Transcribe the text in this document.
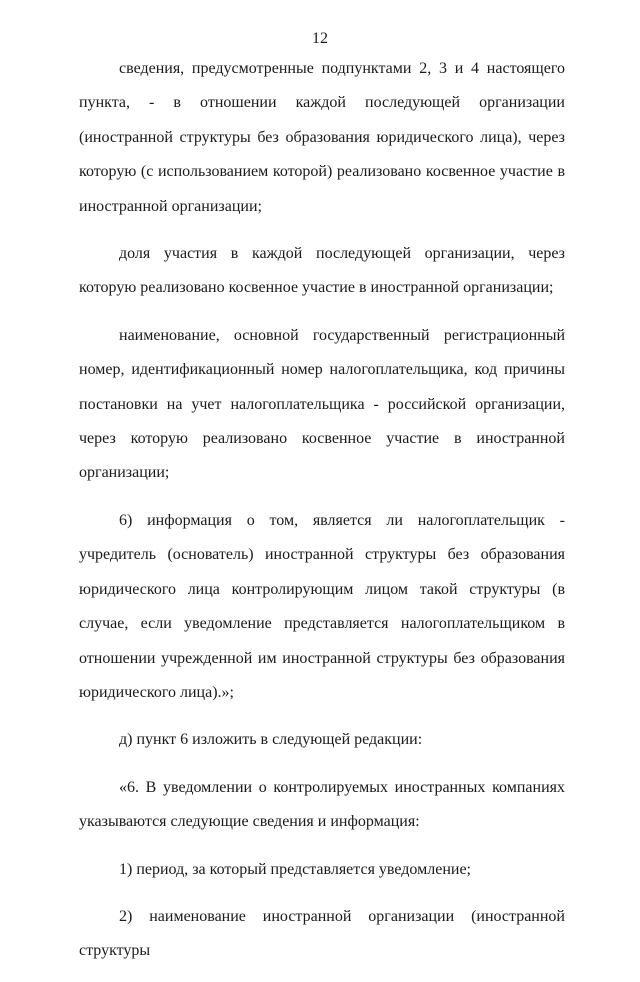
12

сведения, предусмотренные подпунктами 2, 3 и 4 настоящего пункта, - в отношении каждой последующей организации (иностранной структуры без образования юридического лица), через которую (с использованием которой) реализовано косвенное участие в иностранной организации;

доля участия в каждой последующей организации, через которую реализовано косвенное участие в иностранной организации;

наименование, основной государственный регистрационный номер, идентификационный номер налогоплательщика, код причины постановки на учет налогоплательщика - российской организации, через которую реализовано косвенное участие в иностранной организации;

6) информация о том, является ли налогоплательщик - учредитель (основатель) иностранной структуры без образования юридического лица контролирующим лицом такой структуры (в случае, если уведомление представляется налогоплательщиком в отношении учрежденной им иностранной структуры без образования юридического лица).»;

д) пункт 6 изложить в следующей редакции:

«6. В уведомлении о контролируемых иностранных компаниях указываются следующие сведения и информация:

1) период, за который представляется уведомление;

2) наименование иностранной организации (иностранной структуры
